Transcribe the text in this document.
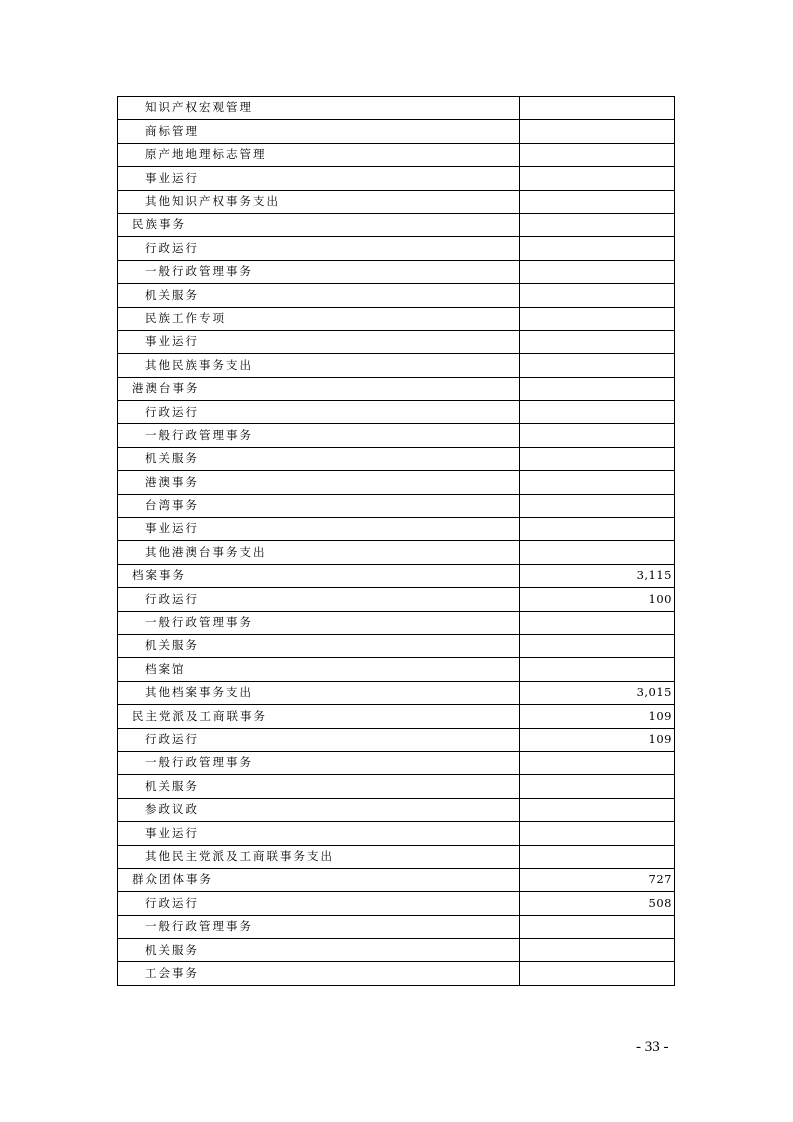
知识产权宏观管理	
商标管理	
原产地地理标志管理	
事业运行	
其他知识产权事务支出	
民族事务	
行政运行	
一般行政管理事务	
机关服务	
民族工作专项	
事业运行	
其他民族事务支出	
港澳台事务	
行政运行	
一般行政管理事务	
机关服务	
港澳事务	
台湾事务	
事业运行	
其他港澳台事务支出	
档案事务	3,115
行政运行	100
一般行政管理事务	
机关服务	
档案馆	
其他档案事务支出	3,015
民主党派及工商联事务	109
行政运行	109
一般行政管理事务	
机关服务	
参政议政	
事业运行	
其他民主党派及工商联事务支出	
群众团体事务	727
行政运行	508
一般行政管理事务	
机关服务	
工会事务	
- 33 -
